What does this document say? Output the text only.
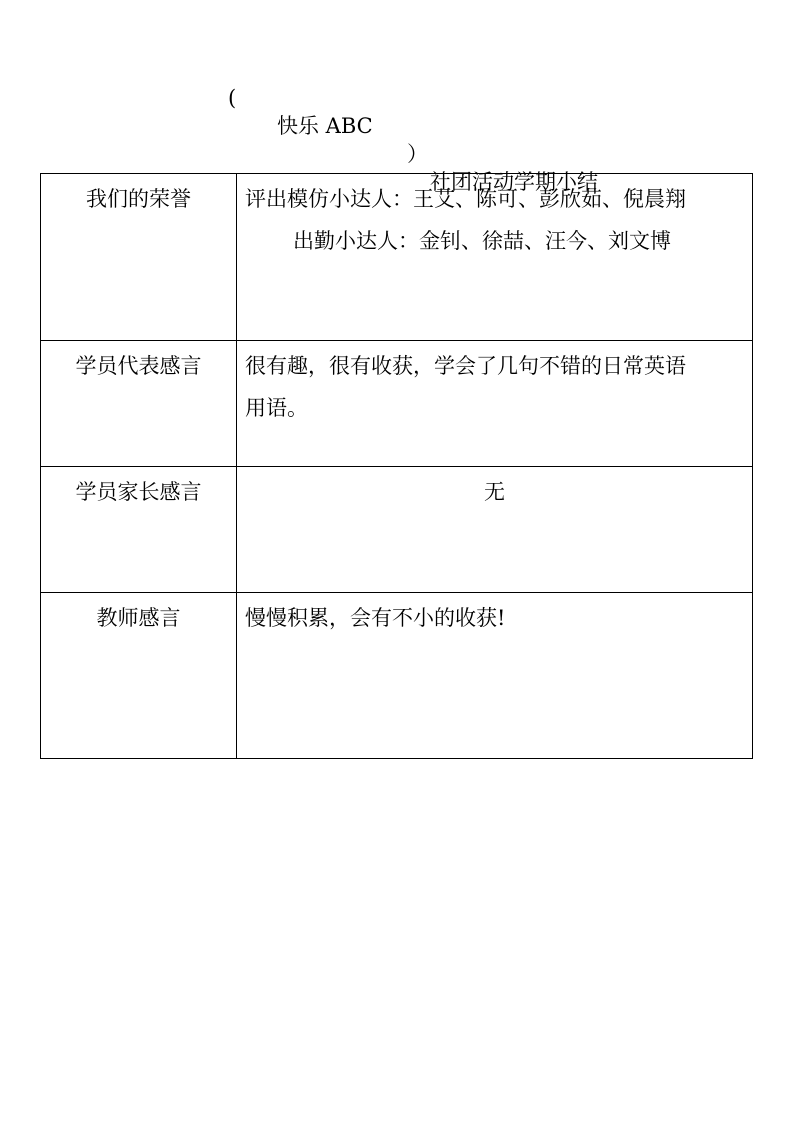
(

快乐 ABC

）

社团活动学期小结

我们的荣誉	评出模仿小达人：王艾、陈可、彭欣茹、倪晨翔
出勤小达人：金钊、徐喆、汪今、刘文博

学员代表感言	很有趣，很有收获，学会了几句不错的日常英语
用语。

学员家长感言	无

教师感言	慢慢积累，会有不小的收获!
